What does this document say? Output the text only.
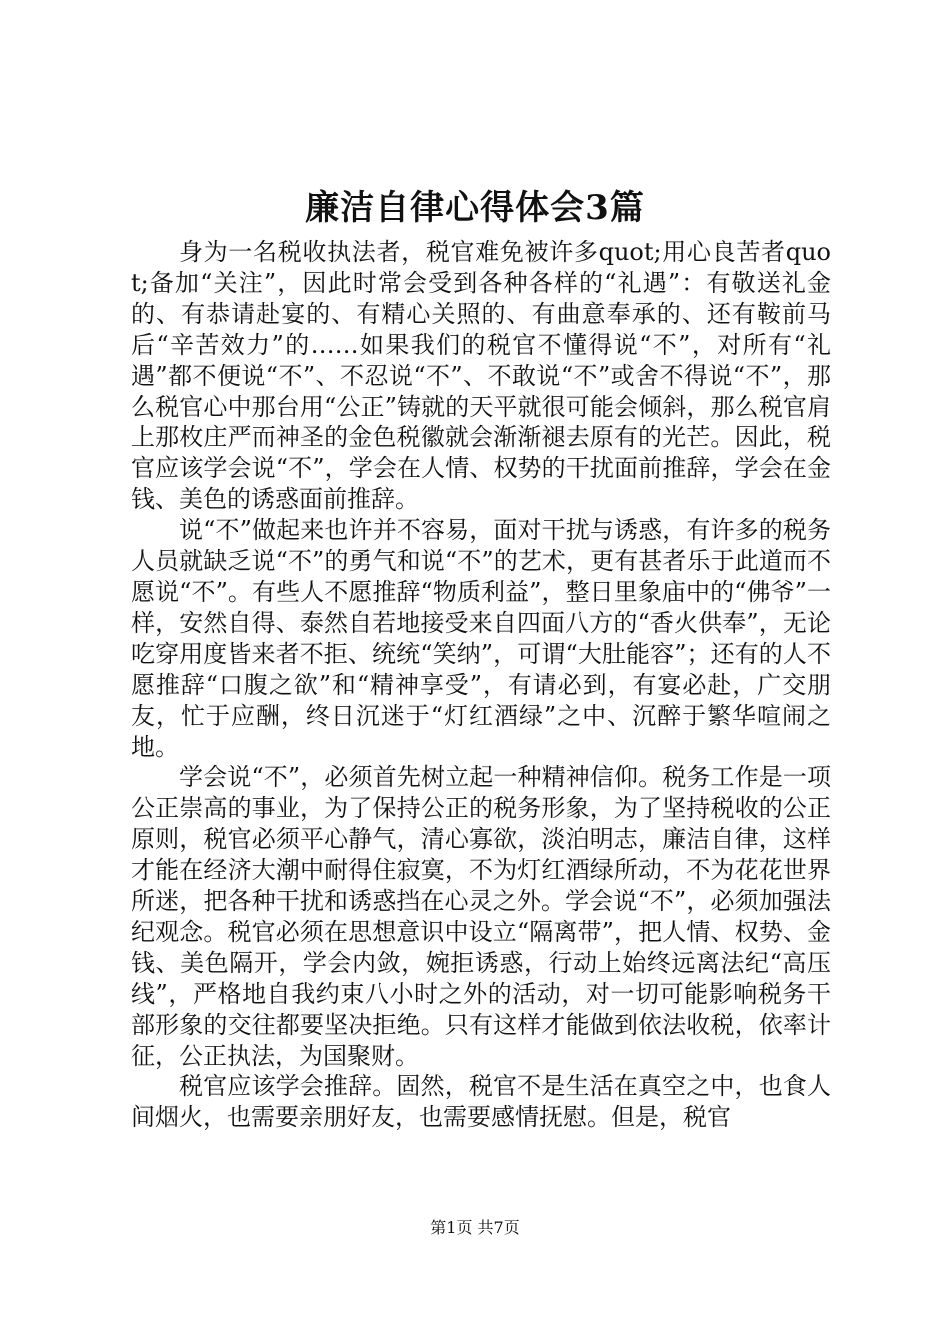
廉洁自律心得体会3篇

身为一名税收执法者，税官难免被许多quot;用心良苦者quot;备加“关注”，因此时常会受到各种各样的“礼遇”：有敬送礼金的、有恭请赴宴的、有精心关照的、有曲意奉承的、还有鞍前马后“辛苦效力”的……如果我们的税官不懂得说“不”，对所有“礼遇”都不便说“不”、不忍说“不”、不敢说“不”或舍不得说“不”，那么税官心中那台用“公正”铸就的天平就很可能会倾斜，那么税官肩上那枚庄严而神圣的金色税徽就会渐渐褪去原有的光芒。因此，税官应该学会说“不”，学会在人情、权势的干扰面前推辞，学会在金钱、美色的诱惑面前推辞。

说“不”做起来也许并不容易，面对干扰与诱惑，有许多的税务人员就缺乏说“不”的勇气和说“不”的艺术，更有甚者乐于此道而不愿说“不”。有些人不愿推辞“物质利益”，整日里象庙中的“佛爷”一样，安然自得、泰然自若地接受来自四面八方的“香火供奉”，无论吃穿用度皆来者不拒、统统“笑纳”，可谓“大肚能容”；还有的人不愿推辞“口腹之欲”和“精神享受”，有请必到，有宴必赴，广交朋友，忙于应酬，终日沉迷于“灯红酒绿”之中、沉醉于繁华喧闹之地。

学会说“不”，必须首先树立起一种精神信仰。税务工作是一项公正崇高的事业，为了保持公正的税务形象，为了坚持税收的公正原则，税官必须平心静气，清心寡欲，淡泊明志，廉洁自律，这样才能在经济大潮中耐得住寂寞，不为灯红酒绿所动，不为花花世界所迷，把各种干扰和诱惑挡在心灵之外。学会说“不”，必须加强法纪观念。税官必须在思想意识中设立“隔离带”，把人情、权势、金钱、美色隔开，学会内敛，婉拒诱惑，行动上始终远离法纪“高压线”，严格地自我约束八小时之外的活动，对一切可能影响税务干部形象的交往都要坚决拒绝。只有这样才能做到依法收税，依率计征，公正执法，为国聚财。

税官应该学会推辞。固然，税官不是生活在真空之中，也食人间烟火，也需要亲朋好友，也需要感情抚慰。但是，税官

第1页 共7页
